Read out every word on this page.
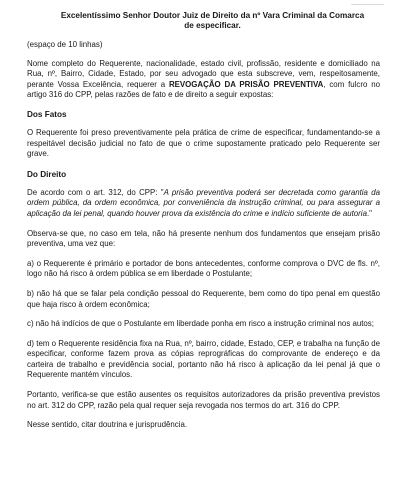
___________
Excelentíssimo Senhor Doutor Juiz de Direito da nº Vara Criminal da Comarca
de especificar.

(espaço de 10 linhas)

Nome completo do Requerente, nacionalidade, estado civil, profissão, residente e domiciliado na Rua, nº, Bairro, Cidade, Estado, por seu advogado que esta subscreve, vem, respeitosamente, perante Vossa Excelência, requerer a REVOGAÇÃO DA PRISÃO PREVENTIVA, com fulcro no artigo 316 do CPP, pelas razões de fato e de direito a seguir expostas:

Dos Fatos

O Requerente foi preso preventivamente pela prática de crime de especificar, fundamentando-se a respeitável decisão judicial no fato de que o crime supostamente praticado pelo Requerente ser grave.

Do Direito

De acordo com o art. 312, do CPP: "A prisão preventiva poderá ser decretada como garantia da ordem pública, da ordem econômica, por conveniência da instrução criminal, ou para assegurar a aplicação da lei penal, quando houver prova da existência do crime e indício suficiente de autoria."

Observa-se que, no caso em tela, não há presente nenhum dos fundamentos que ensejam prisão preventiva, uma vez que:

a) o Requerente é primário e portador de bons antecedentes, conforme comprova o DVC de fls. nº, logo não há risco à ordem pública se em liberdade o Postulante;

b) não há que se falar pela condição pessoal do Requerente, bem como do tipo penal em questão que haja risco à ordem econômica;

c) não há indícios de que o Postulante em liberdade ponha em risco a instrução criminal nos autos;

d) tem o Requerente residência fixa na Rua, nº, bairro, cidade, Estado, CEP, e trabalha na função de especificar, conforme fazem prova as cópias reprográficas do comprovante de endereço e da carteira de trabalho e previdência social, portanto não há risco à aplicação da lei penal já que o Requerente mantém vínculos.

Portanto, verifica-se que estão ausentes os requisitos autorizadores da prisão preventiva previstos no art. 312 do CPP, razão pela qual requer seja revogada nos termos do art. 316 do CPP.

Nesse sentido, citar doutrina e jurisprudência.
